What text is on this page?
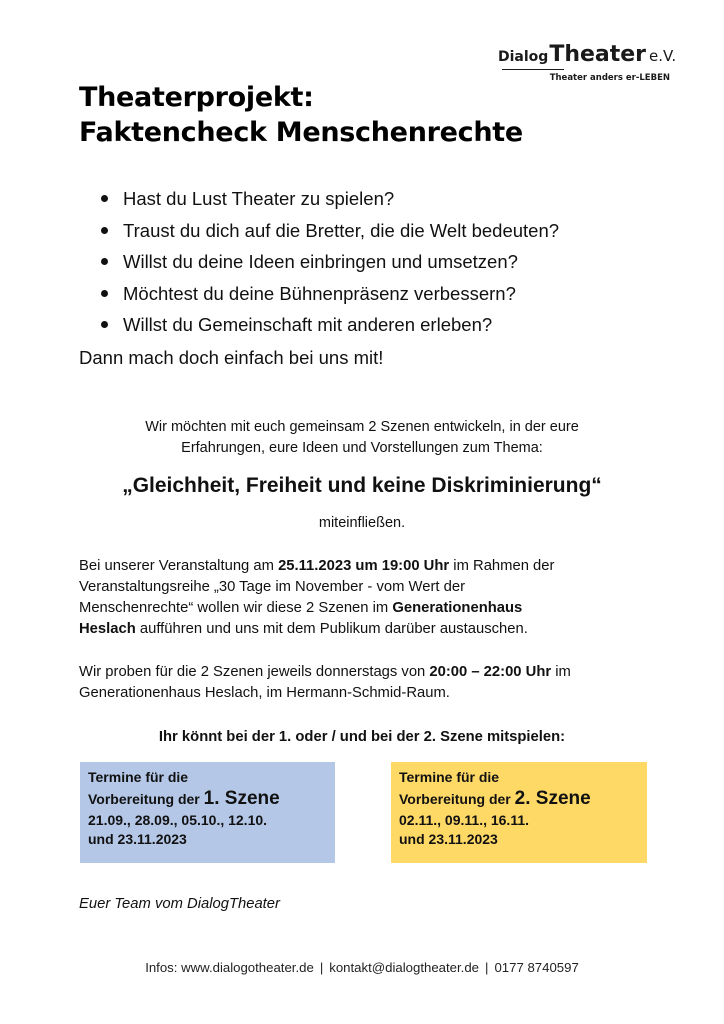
DialogTheater e.V.
Theater anders er-LEBEN
Theaterprojekt:
Faktencheck Menschenrechte
Hast du Lust Theater zu spielen?
Traust du dich auf die Bretter, die die Welt bedeuten?
Willst du deine Ideen einbringen und umsetzen?
Möchtest du deine Bühnenpräsenz verbessern?
Willst du Gemeinschaft mit anderen erleben?
Dann mach doch einfach bei uns mit!
Wir möchten mit euch gemeinsam 2 Szenen entwickeln, in der eure
Erfahrungen, eure Ideen und Vorstellungen zum Thema:
„Gleichheit, Freiheit und keine Diskriminierung“
miteinfließen.
Bei unserer Veranstaltung am 25.11.2023 um 19:00 Uhr im Rahmen der
Veranstaltungsreihe „30 Tage im November - vom Wert der
Menschenrechte“ wollen wir diese 2 Szenen im Generationenhaus
Heslach aufführen und uns mit dem Publikum darüber austauschen.
Wir proben für die 2 Szenen jeweils donnerstags von 20:00 – 22:00 Uhr im
Generationenhaus Heslach, im Hermann-Schmid-Raum.
Ihr könnt bei der 1. oder / und bei der 2. Szene mitspielen:
Termine für die
Vorbereitung der 1. Szene
21.09., 28.09., 05.10., 12.10.
und 23.11.2023
Termine für die
Vorbereitung der 2. Szene
02.11., 09.11., 16.11.
und 23.11.2023
Euer Team vom DialogTheater
Infos: www.dialogotheater.de | kontakt@dialogtheater.de | 0177 8740597
